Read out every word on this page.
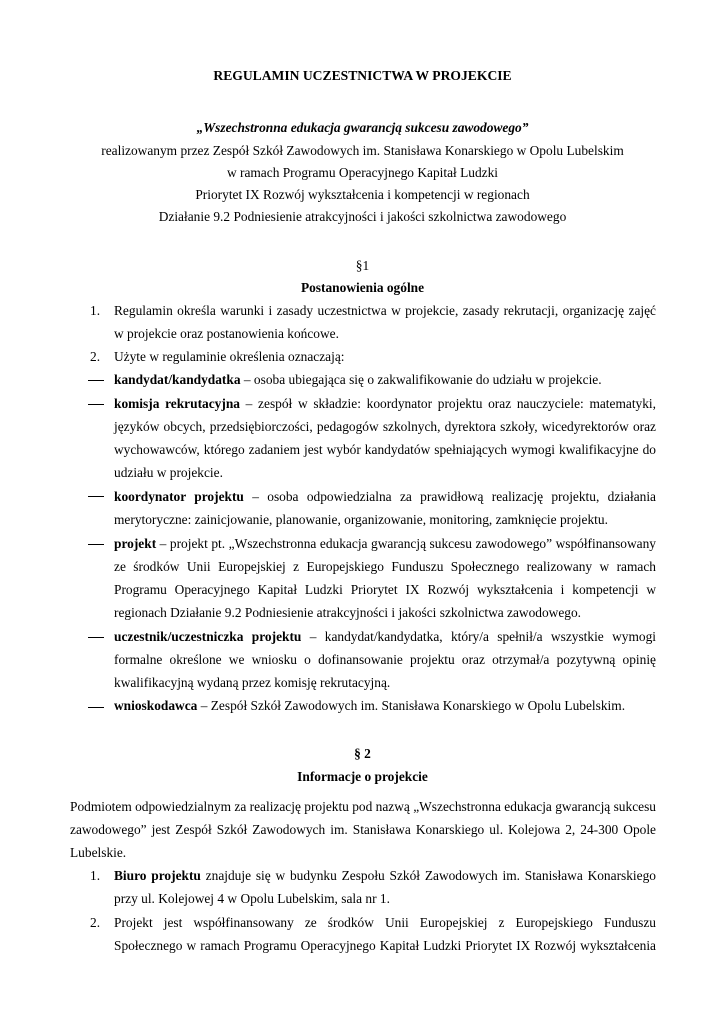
REGULAMIN UCZESTNICTWA W PROJEKCIE
„Wszechstronna edukacja gwarancją sukcesu zawodowego”
realizowanym przez Zespół Szkół Zawodowych im. Stanisława Konarskiego w Opolu Lubelskim
w ramach Programu Operacyjnego Kapitał Ludzki
Priorytet IX Rozwój wykształcenia i kompetencji w regionach
Działanie 9.2 Podniesienie atrakcyjności i jakości szkolnictwa zawodowego
§1
Postanowienia ogólne
1. Regulamin określa warunki i zasady uczestnictwa w projekcie, zasady rekrutacji, organizację zajęć
w projekcie oraz postanowienia końcowe.
2. Użyte w regulaminie określenia oznaczają:
kandydat/kandydatka – osoba ubiegająca się o zakwalifikowanie do udziału w projekcie.
komisja rekrutacyjna – zespół w składzie: koordynator projektu oraz nauczyciele: matematyki,
języków obcych, przedsiębiorczości, pedagogów szkolnych, dyrektora szkoły, wicedyrektorów oraz
wychowawców, którego zadaniem jest wybór kandydatów spełniających wymogi kwalifikacyjne do
udziału w projekcie.
koordynator projektu – osoba odpowiedzialna za prawidłową realizację projektu, działania
merytoryczne: zainicjowanie, planowanie, organizowanie, monitoring, zamknięcie projektu.
projekt – projekt pt. „Wszechstronna edukacja gwarancją sukcesu zawodowego” współfinansowany
ze środków Unii Europejskiej z Europejskiego Funduszu Społecznego realizowany w ramach
Programu Operacyjnego Kapitał Ludzki Priorytet IX Rozwój wykształcenia i kompetencji w
regionach Działanie 9.2 Podniesienie atrakcyjności i jakości szkolnictwa zawodowego.
uczestnik/uczestniczka projektu – kandydat/kandydatka, który/a spełnił/a wszystkie wymogi
formalne określone we wniosku o dofinansowanie projektu oraz otrzymał/a pozytywną opinię
kwalifikacyjną wydaną przez komisję rekrutacyjną.
wnioskodawca – Zespół Szkół Zawodowych im. Stanisława Konarskiego w Opolu Lubelskim.
§ 2
Informacje o projekcie
Podmiotem odpowiedzialnym za realizację projektu pod nazwą „Wszechstronna edukacja gwarancją sukcesu
zawodowego” jest Zespół Szkół Zawodowych im. Stanisława Konarskiego ul. Kolejowa 2, 24-300 Opole
Lubelskie.
1. Biuro projektu znajduje się w budynku Zespołu Szkół Zawodowych im. Stanisława Konarskiego
przy ul. Kolejowej 4 w Opolu Lubelskim, sala nr 1.
2. Projekt jest współfinansowany ze środków Unii Europejskiej z Europejskiego Funduszu
Społecznego w ramach Programu Operacyjnego Kapitał Ludzki Priorytet IX Rozwój wykształcenia
